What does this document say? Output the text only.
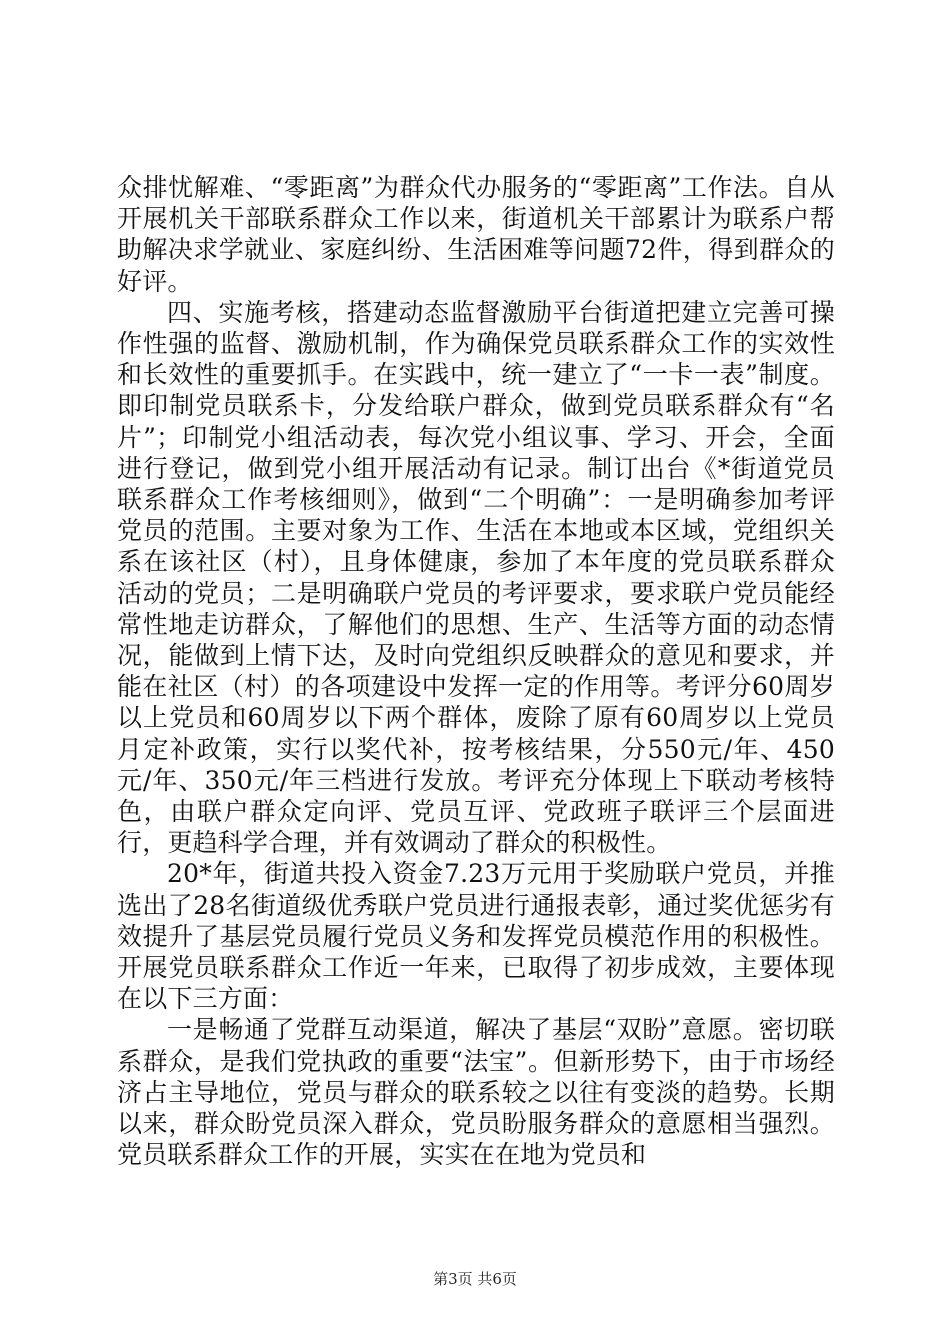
众排忧解难、“零距离”为群众代办服务的“零距离”工作法。自从开展机关干部联系群众工作以来，街道机关干部累计为联系户帮助解决求学就业、家庭纠纷、生活困难等问题72件，得到群众的好评。

四、实施考核，搭建动态监督激励平台街道把建立完善可操作性强的监督、激励机制，作为确保党员联系群众工作的实效性和长效性的重要抓手。在实践中，统一建立了“一卡一表”制度。即印制党员联系卡，分发给联户群众，做到党员联系群众有“名片”；印制党小组活动表，每次党小组议事、学习、开会，全面进行登记，做到党小组开展活动有记录。制订出台《*街道党员联系群众工作考核细则》，做到“二个明确”：一是明确参加考评党员的范围。主要对象为工作、生活在本地或本区域，党组织关系在该社区（村），且身体健康，参加了本年度的党员联系群众活动的党员；二是明确联户党员的考评要求，要求联户党员能经常性地走访群众，了解他们的思想、生产、生活等方面的动态情况，能做到上情下达，及时向党组织反映群众的意见和要求，并能在社区（村）的各项建设中发挥一定的作用等。考评分60周岁以上党员和60周岁以下两个群体，废除了原有60周岁以上党员月定补政策，实行以奖代补，按考核结果，分550元/年、450元/年、350元/年三档进行发放。考评充分体现上下联动考核特色，由联户群众定向评、党员互评、党政班子联评三个层面进行，更趋科学合理，并有效调动了群众的积极性。

20*年，街道共投入资金7.23万元用于奖励联户党员，并推选出了28名街道级优秀联户党员进行通报表彰，通过奖优惩劣有效提升了基层党员履行党员义务和发挥党员模范作用的积极性。开展党员联系群众工作近一年来，已取得了初步成效，主要体现在以下三方面：

一是畅通了党群互动渠道，解决了基层“双盼”意愿。密切联系群众，是我们党执政的重要“法宝”。但新形势下，由于市场经济占主导地位，党员与群众的联系较之以往有变淡的趋势。长期以来，群众盼党员深入群众，党员盼服务群众的意愿相当强烈。党员联系群众工作的开展，实实在在地为党员和

第3页 共6页
